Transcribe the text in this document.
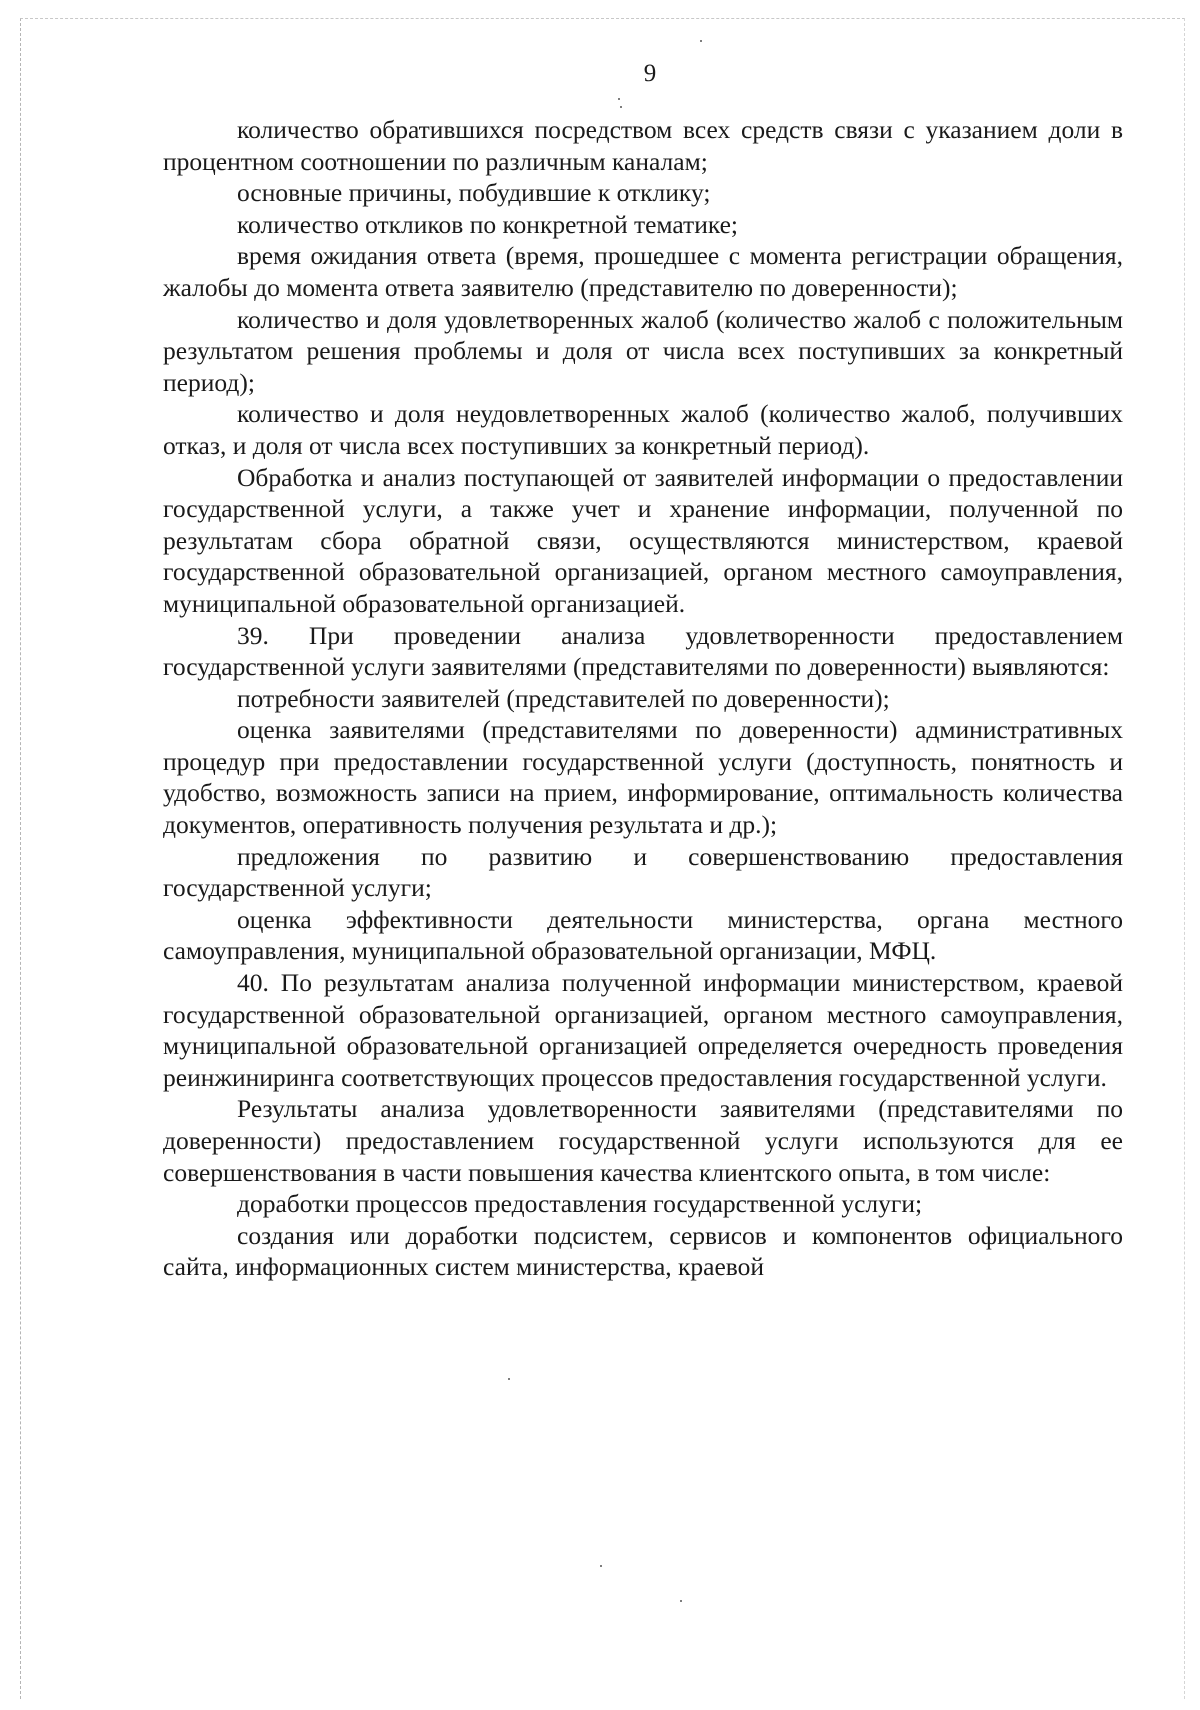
9

количество обратившихся посредством всех средств связи с указанием доли в процентном соотношении по различным каналам;

основные причины, побудившие к отклику;

количество откликов по конкретной тематике;

время ожидания ответа (время, прошедшее с момента регистрации обращения, жалобы до момента ответа заявителю (представителю по доверенности);

количество и доля удовлетворенных жалоб (количество жалоб с положительным результатом решения проблемы и доля от числа всех поступивших за конкретный период);

количество и доля неудовлетворенных жалоб (количество жалоб, получивших отказ, и доля от числа всех поступивших за конкретный период).

Обработка и анализ поступающей от заявителей информации о предоставлении государственной услуги, а также учет и хранение информации, полученной по результатам сбора обратной связи, осуществляются министерством, краевой государственной образовательной организацией, органом местного самоуправления, муниципальной образовательной организацией.

39. При проведении анализа удовлетворенности предоставлением государственной услуги заявителями (представителями по доверенности) выявляются:

потребности заявителей (представителей по доверенности);

оценка заявителями (представителями по доверенности) административных процедур при предоставлении государственной услуги (доступность, понятность и удобство, возможность записи на прием, информирование, оптимальность количества документов, оперативность получения результата и др.);

предложения по развитию и совершенствованию предоставления государственной услуги;

оценка эффективности деятельности министерства, органа местного самоуправления, муниципальной образовательной организации, МФЦ.

40. По результатам анализа полученной информации министерством, краевой государственной образовательной организацией, органом местного самоуправления, муниципальной образовательной организацией определяется очередность проведения реинжиниринга соответствующих процессов предоставления государственной услуги.

Результаты анализа удовлетворенности заявителями (представителями по доверенности) предоставлением государственной услуги используются для ее совершенствования в части повышения качества клиентского опыта, в том числе:

доработки процессов предоставления государственной услуги;

создания или доработки подсистем, сервисов и компонентов официального сайта, информационных систем министерства, краевой
